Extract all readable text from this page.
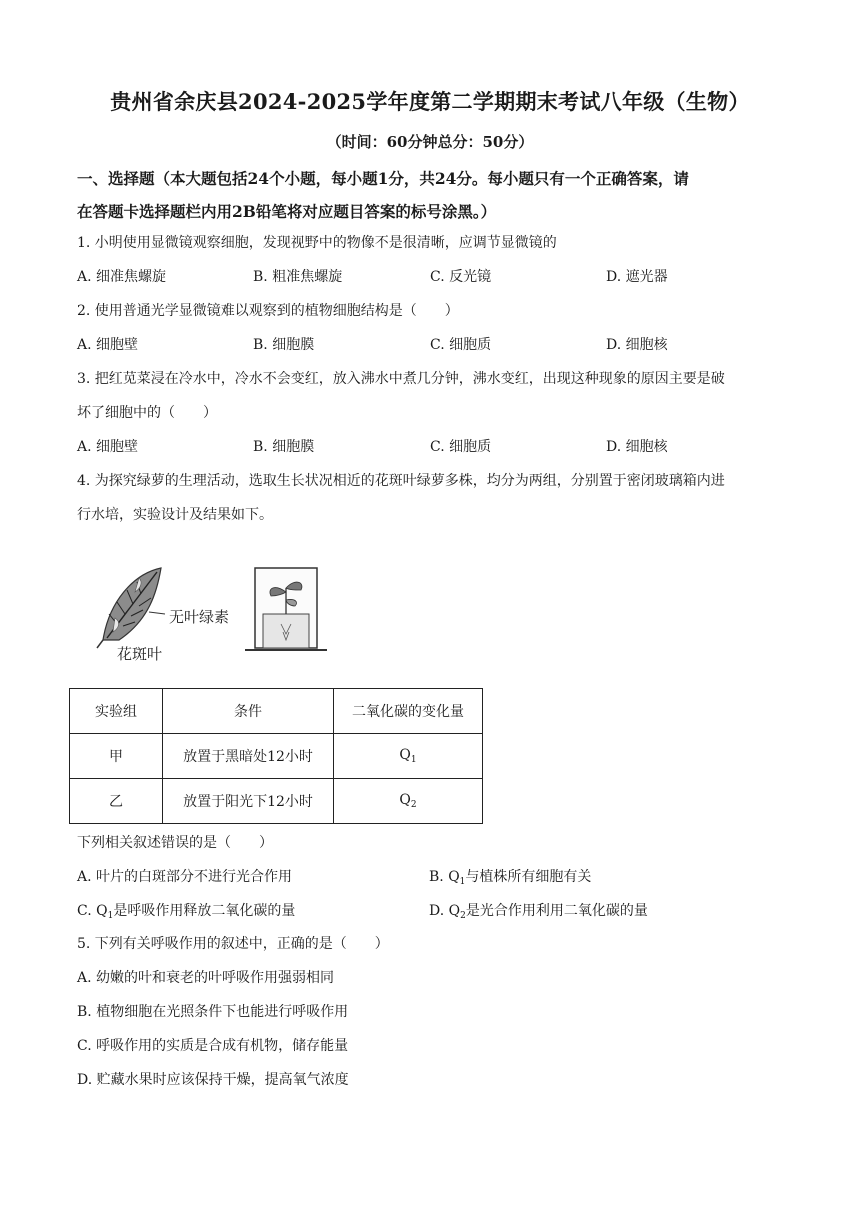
贵州省余庆县2024-2025学年度第二学期期末考试八年级（生物）
（时间：60分钟总分：50分）
一、选择题（本大题包括24个小题，每小题1分，共24分。每小题只有一个正确答案，请
在答题卡选择题栏内用2B铅笔将对应题目答案的标号涂黑。）
1. 小明使用显微镜观察细胞，发现视野中的物像不是很清晰，应调节显微镜的
A. 细准焦螺旋	B. 粗准焦螺旋	C. 反光镜	D. 遮光器
2. 使用普通光学显微镜难以观察到的植物细胞结构是（　　）
A. 细胞壁	B. 细胞膜	C. 细胞质	D. 细胞核
3. 把红苋菜浸在冷水中，冷水不会变红，放入沸水中煮几分钟，沸水变红，出现这种现象的原因主要是破
坏了细胞中的（　　）
A. 细胞壁	B. 细胞膜	C. 细胞质	D. 细胞核
4. 为探究绿萝的生理活动，选取生长状况相近的花斑叶绿萝多株，均分为两组，分别置于密闭玻璃箱内进
行水培，实验设计及结果如下。
无叶绿素
花斑叶
实验组	条件	二氧化碳的变化量
甲	放置于黑暗处12小时	$Q_1$
乙	放置于阳光下12小时	$Q_2$
下列相关叙述错误的是（　　）
A. 叶片的白斑部分不进行光合作用	B. $Q_1$与植株所有细胞有关
C. $Q_1$是呼吸作用释放二氧化碳的量	D. $Q_2$是光合作用利用二氧化碳的量
5. 下列有关呼吸作用的叙述中，正确的是（　　）
A. 幼嫩的叶和衰老的叶呼吸作用强弱相同
B. 植物细胞在光照条件下也能进行呼吸作用
C. 呼吸作用的实质是合成有机物，储存能量
D. 贮藏水果时应该保持干燥，提高氧气浓度
